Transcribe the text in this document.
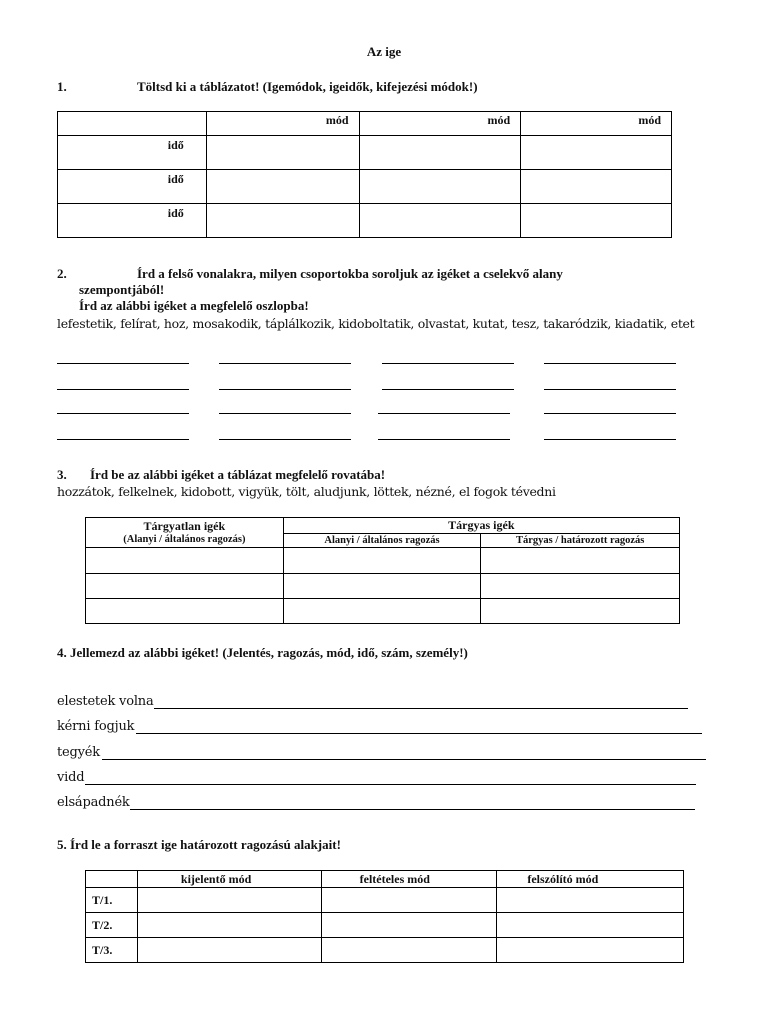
Az ige
1.	Töltsd ki a táblázatot! (Igemódok, igeidők, kifejezési módok!)
	mód	mód	mód
idő			
idő			
idő			
2.	Írd a felső vonalakra, milyen csoportokba soroljuk az igéket a cselekvő alany
szempontjából!
Írd az alábbi igéket a megfelelő oszlopba!
lefestetik, felírat, hoz, mosakodik, táplálkozik, kidoboltatik, olvastat, kutat, tesz, takaródzik, kiadatik, etet
3. Írd be az alábbi igéket a táblázat megfelelő rovatába!
hozzátok, felkelnek, kidobott, vigyük, tölt, aludjunk, löttek, nézné, el fogok tévedni
Tárgyatlan igék
(Alanyi / általános ragozás)	Tárgyas igék	
	Alanyi / általános ragozás	Tárgyas / határozott ragozás

4. Jellemezd az alábbi igéket! (Jelentés, ragozás, mód, idő, szám, személy!)
elestetek volna
kérni fogjuk
tegyék
vidd
elsápadnék
5. Írd le a forraszt ige határozott ragozású alakjait!
	kijelentő mód	feltételes mód	felszólító mód
T/1.			
T/2.			
T/3.			
